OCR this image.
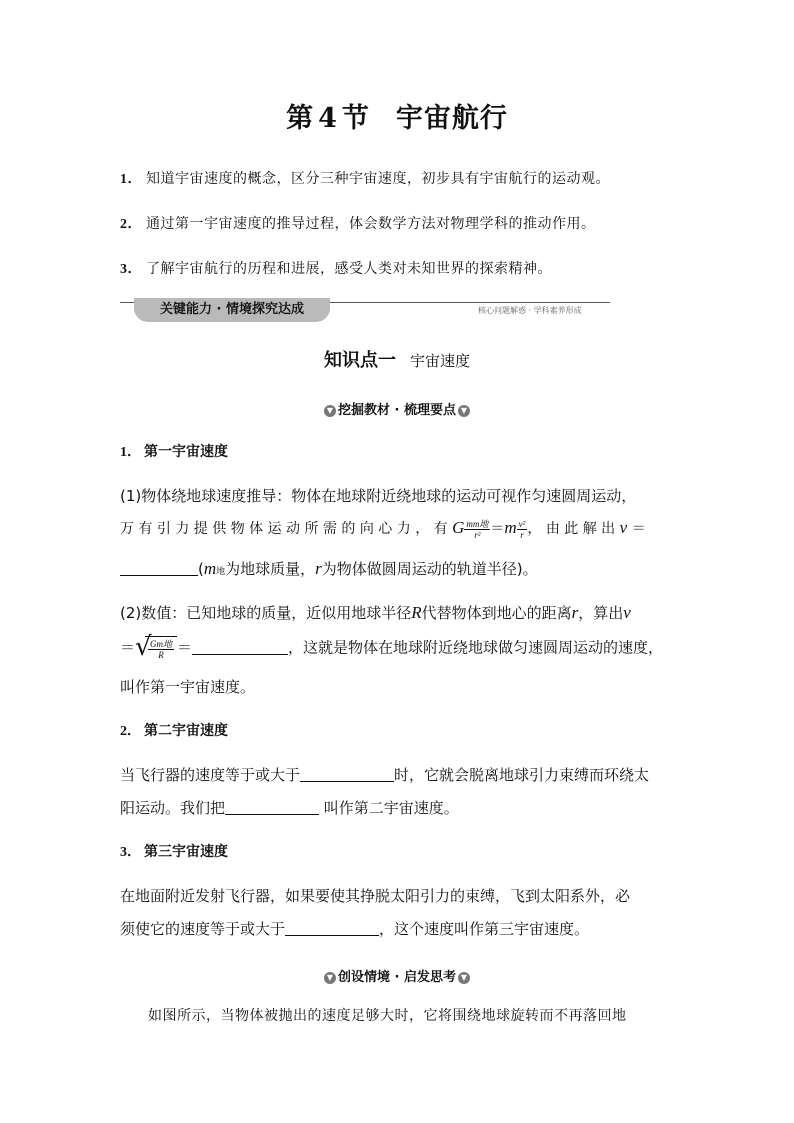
第 4 节 宇宙航行
1． 知道宇宙速度的概念，区分三种宇宙速度，初步具有宇宙航行的运动观。
2． 通过第一宇宙速度的推导过程，体会数学方法对物理学科的推动作用。
3． 了解宇宙航行的历程和进展，感受人类对未知世界的探索精神。
关键能力 · 情境探究达成	核心问题解惑 · 学科素养形成
知识点一 宇宙速度
▼ 挖掘教材 · 梳理要点 ▼
1． 第一宇宙速度
(1)物体绕地球速度推导：物体在地球附近绕地球的运动可视作匀速圆周运动，
万 有 引 力 提 供 物 体 运 动 所 需 的 向 心 力 ， 有 G $\frac{\text{mm地}}{\text{r²}} =m \frac{\text{v²}}{r}$ ， 由 此 解 出 v ＝
(m地为地球质量，r为物体做圆周运动的轨道半径)。
(2)数值：已知地球的质量，近似用地球半径R代替物体到地心的距离r，算出v
＝ √
$\frac{\text{Gm地}}{R}$ ＝	，这就是物体在地球附近绕地球做匀速圆周运动的速度，
叫作第一宇宙速度。
2． 第二宇宙速度
当飞行器的速度等于或大于	时，它就会脱离地球引力束缚而环绕太
阳运动。我们把	叫作第二宇宙速度。
3． 第三宇宙速度
在地面附近发射飞行器，如果要使其挣脱太阳引力的束缚，飞到太阳系外，必
须使它的速度等于或大于	，这个速度叫作第三宇宙速度。
▼ 创设情境 · 启发思考 ▼
如图所示，当物体被抛出的速度足够大时，它将围绕地球旋转而不再落回地
